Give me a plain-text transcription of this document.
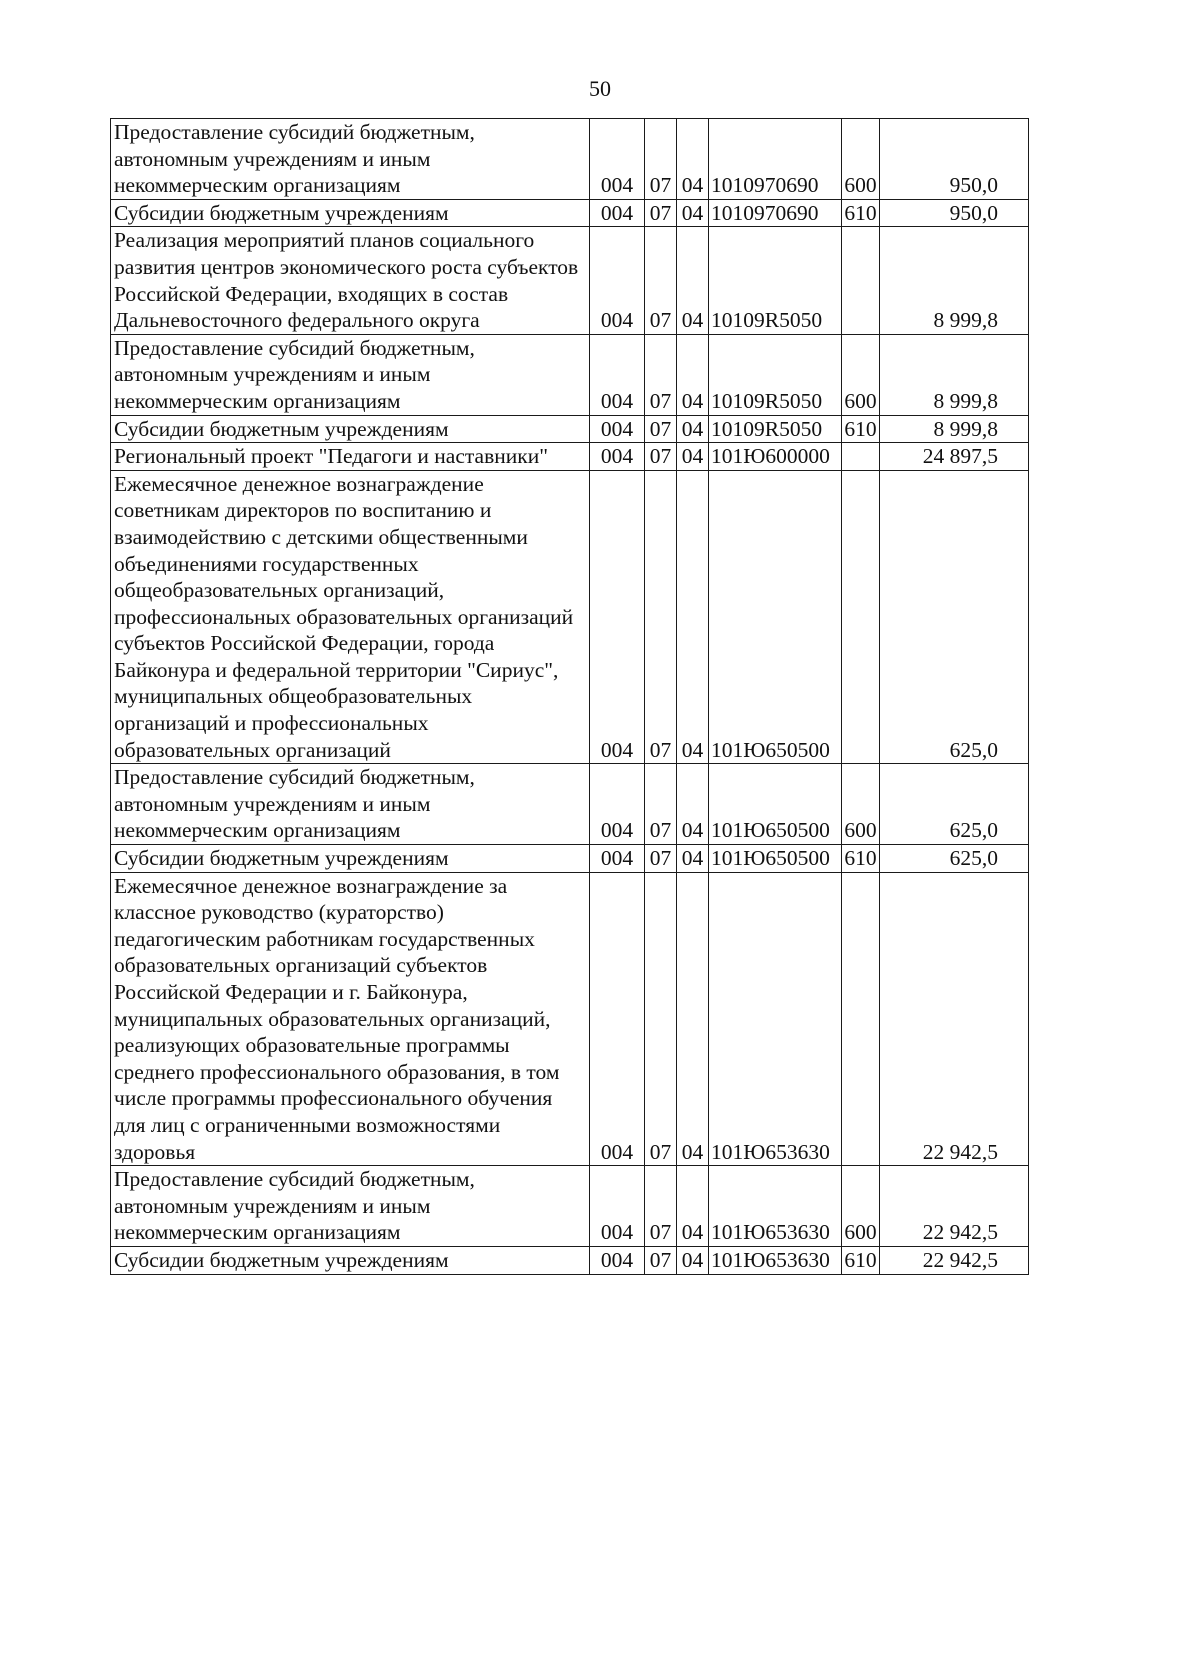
50
Предоставление субсидий бюджетным, автономным учреждениям и иным некоммерческим организациям	004	07	04	1010970690	600	950,0
Субсидии бюджетным учреждениям	004	07	04	1010970690	610	950,0
Реализация мероприятий планов социального развития центров экономического роста субъектов Российской Федерации, входящих в состав Дальневосточного федерального округа	004	07	04	10109R5050		8 999,8
Предоставление субсидий бюджетным, автономным учреждениям и иным некоммерческим организациям	004	07	04	10109R5050	600	8 999,8
Субсидии бюджетным учреждениям	004	07	04	10109R5050	610	8 999,8
Региональный проект "Педагоги и наставники"	004	07	04	101Ю600000		24 897,5
Ежемесячное денежное вознаграждение советникам директоров по воспитанию и взаимодействию с детскими общественными объединениями государственных общеобразовательных организаций, профессиональных образовательных организаций субъектов Российской Федерации, города Байконура и федеральной территории "Сириус", муниципальных общеобразовательных организаций и профессиональных образовательных организаций	004	07	04	101Ю650500		625,0
Предоставление субсидий бюджетным, автономным учреждениям и иным некоммерческим организациям	004	07	04	101Ю650500	600	625,0
Субсидии бюджетным учреждениям	004	07	04	101Ю650500	610	625,0
Ежемесячное денежное вознаграждение за классное руководство (кураторство) педагогическим работникам государственных образовательных организаций субъектов Российской Федерации и г. Байконура, муниципальных образовательных организаций, реализующих образовательные программы среднего профессионального образования, в том числе программы профессионального обучения для лиц с ограниченными возможностями здоровья	004	07	04	101Ю653630		22 942,5
Предоставление субсидий бюджетным, автономным учреждениям и иным некоммерческим организациям	004	07	04	101Ю653630	600	22 942,5
Субсидии бюджетным учреждениям	004	07	04	101Ю653630	610	22 942,5
